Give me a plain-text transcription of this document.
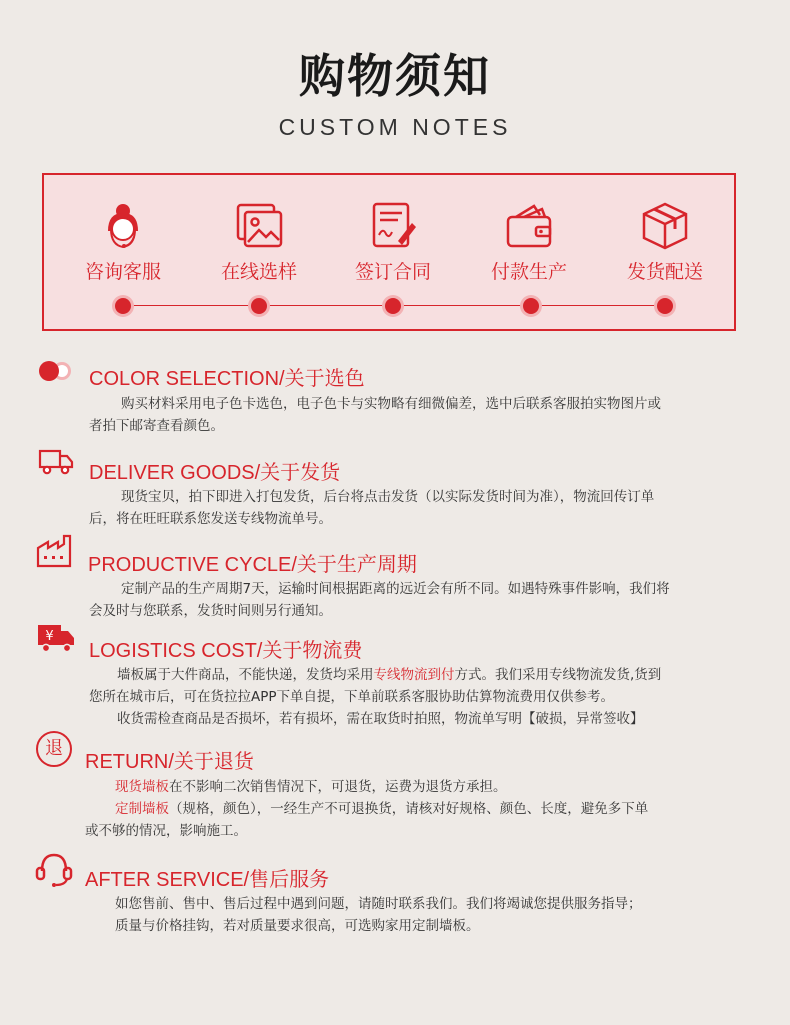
购物须知
CUSTOM NOTES
咨询客服	在线选样	签订合同	付款生产	发货配送
COLOR SELECTION/关于选色

购买材料采用电子色卡选色，电子色卡与实物略有细微偏差，选中后联系客服拍实物图片或

者拍下邮寄查看颜色。

DELIVER GOODS/关于发货

现货宝贝，拍下即进入打包发货，后台将点击发货（以实际发货时间为准），物流回传订单

后，将在旺旺联系您发送专线物流单号。

PRODUCTIVE CYCLE/关于生产周期

定制产品的生产周期7天，运输时间根据距离的远近会有所不同。如遇特殊事件影响，我们将

会及时与您联系，发货时间则另行通知。

¥
LOGISTICS COST/关于物流费

墙板属于大件商品，不能快递，发货均采用专线物流到付方式。我们采用专线物流发货,货到

您所在城市后，可在货拉拉APP下单自提，下单前联系客服协助估算物流费用仅供参考。

收货需检查商品是否损坏，若有损坏，需在取货时拍照，物流单写明【破损，异常签收】

退
RETURN/关于退货

现货墙板在不影响二次销售情况下，可退货，运费为退货方承担。

定制墙板（规格，颜色），一经生产不可退换货，请核对好规格、颜色、长度，避免多下单

或不够的情况，影响施工。

AFTER SERVICE/售后服务

如您售前、售中、售后过程中遇到问题，请随时联系我们。我们将竭诚您提供服务指导；

质量与价格挂钩，若对质量要求很高，可选购家用定制墙板。
